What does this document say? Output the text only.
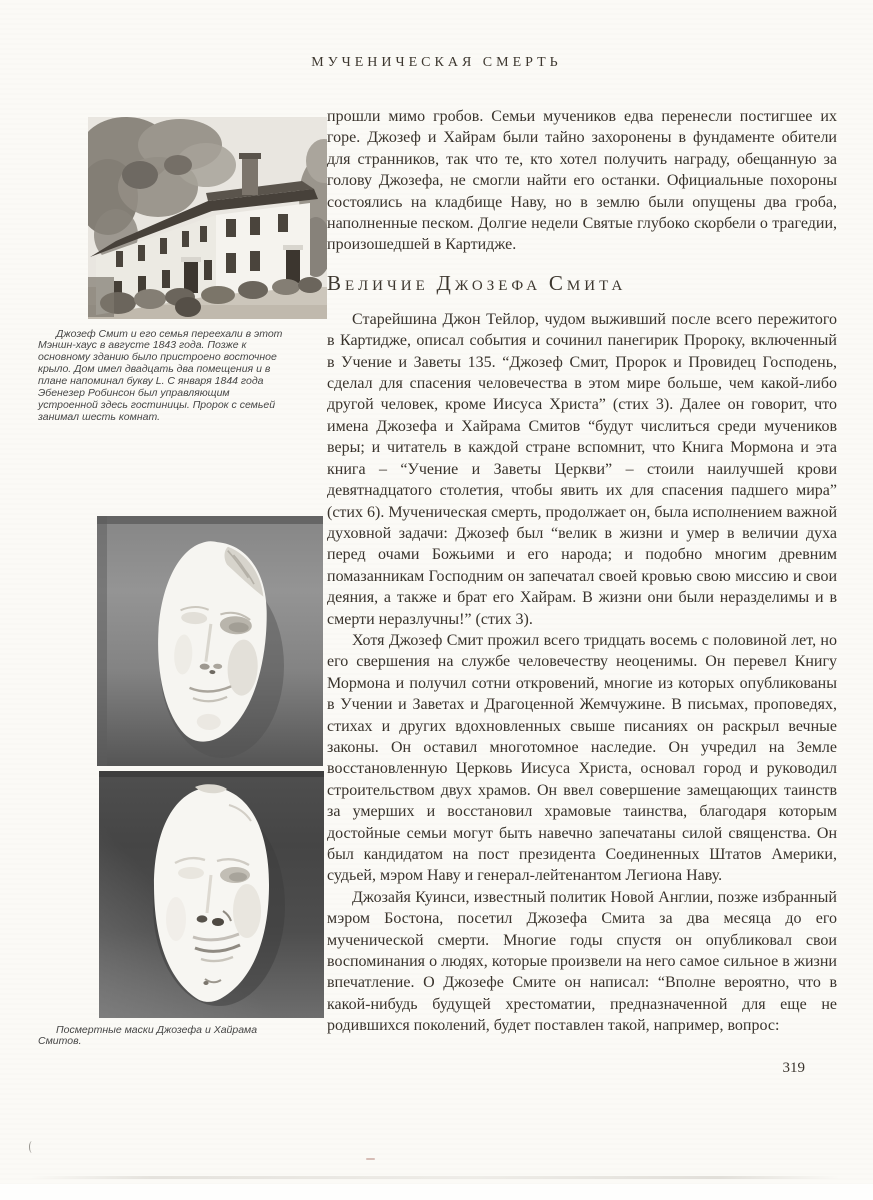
МУЧЕНИЧЕСКАЯ СМЕРТЬ

Джозеф Смит и его семья переехали в этот Мэншн-хаус в августе 1843 года. Позже к основному зданию было пристроено восточное крыло. Дом имел двадцать два помещения и в плане напоминал букву L. С января 1844 года Эбенезер Робинсон был управляющим устроенной здесь гостиницы. Пророк с семьей занимал шесть комнат.

Посмертные маски Джозефа и Хайрама Смитов.

прошли мимо гробов. Семьи мучеников едва перенесли постигшее их горе. Джозеф и Хайрам были тайно захоронены в фундаменте обители для странников, так что те, кто хотел получить награду, обещанную за голову Джозефа, не смогли найти его останки. Официальные похороны состоялись на кладбище Наву, но в землю были опущены два гроба, наполненные песком. Долгие недели Святые глубоко скорбели о трагедии, произошедшей в Картидже.

ВЕЛИЧИЕ ДЖОЗЕФА СМИТА

Старейшина Джон Тейлор, чудом выживший после всего пережитого в Картидже, описал события и сочинил панегирик Пророку, включенный в Учение и Заветы 135. “Джозеф Смит, Пророк и Провидец Господень, сделал для спасения человечества в этом мире больше, чем какой-либо другой человек, кроме Иисуса Христа” (стих 3). Далее он говорит, что имена Джозефа и Хайрама Смитов “будут числиться среди мучеников веры; и читатель в каждой стране вспомнит, что Книга Мормона и эта книга – “Учение и Заветы Церкви” – стоили наилучшей крови девятнадцатого столетия, чтобы явить их для спасения падшего мира” (стих 6). Мученическая смерть, продолжает он, была исполнением важной духовной задачи: Джозеф был “велик в жизни и умер в величии духа перед очами Божьими и его народа; и подобно многим древним помазанникам Господним он запечатал своей кровью свою миссию и свои деяния, а также и брат его Хайрам. В жизни они были неразделимы и в смерти неразлучны!” (стих 3).

Хотя Джозеф Смит прожил всего тридцать восемь с половиной лет, но его свершения на службе человечеству неоценимы. Он перевел Книгу Мормона и получил сотни откровений, многие из которых опубликованы в Учении и Заветах и Драгоценной Жемчужине. В письмах, проповедях, стихах и других вдохновленных свыше писаниях он раскрыл вечные законы. Он оставил многотомное наследие. Он учредил на Земле восстановленную Церковь Иисуса Христа, основал город и руководил строительством двух храмов. Он ввел совершение замещающих таинств за умерших и восстановил храмовые таинства, благодаря которым достойные семьи могут быть навечно запечатаны силой священства. Он был кандидатом на пост президента Соединенных Штатов Америки, судьей, мэром Наву и генерал-лейтенантом Легиона Наву.

Джозайя Куинси, известный политик Новой Англии, позже избранный мэром Бостона, посетил Джозефа Смита за два месяца до его мученической смерти. Многие годы спустя он опубликовал свои воспоминания о людях, которые произвели на него самое сильное в жизни впечатление. О Джозефе Смите он написал: “Вполне вероятно, что в какой-нибудь будущей хрестоматии, предназначенной для еще не родившихся поколений, будет поставлен такой, например, вопрос:

319
